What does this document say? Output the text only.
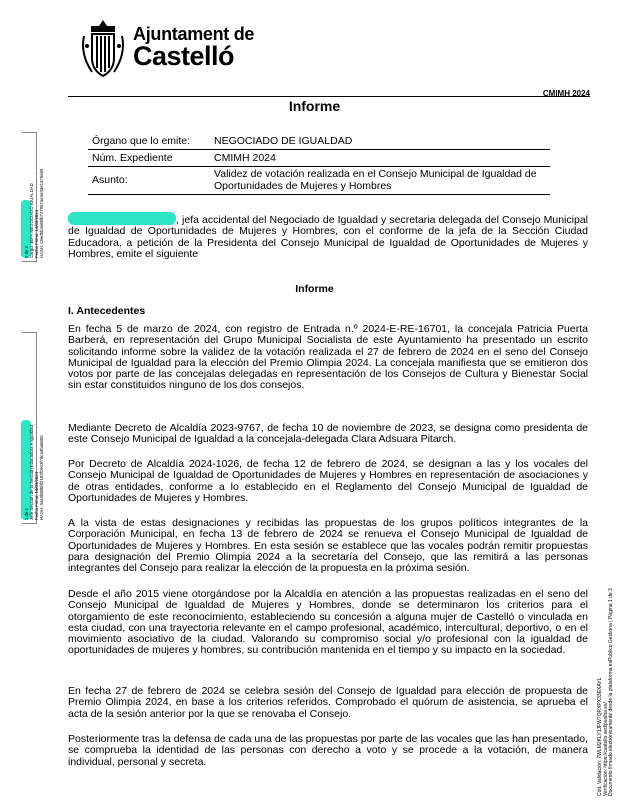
Ajuntament de
Castelló
CMIMH 2024
Informe
Órgano que lo emite: NEGOCIADO DE IGUALDAD
Núm. Expediente	CMIMH 2024
Asunto:	Validez de votación realizada en el Consejo Municipal de Igualdad de Oportunidades de Mujeres y Hombres
, jefa accidental del Negociado de Igualdad y secretaria delegada del Consejo Municipal de Igualdad de Oportunidades de Mujeres y Hombres, con el conforme de la jefa de la Sección Ciudad Educadora, a petición de la Presidenta del Consejo Municipal de Igualdad de Oportunidades de Mujeres y Hombres, emite el siguiente
Informe
I. Antecedentes
En fecha 5 de marzo de 2024, con registro de Entrada n.º 2024-E-RE-16701, la concejala Patricia Puerta Barberá, en representación del Grupo Municipal Socialista de este Ayuntamiento ha presentado un escrito solicitando informe sobre la validez de la votación realizada el 27 de febrero de 2024 en el seno del Consejo Municipal de Igualdad para la elección del Premio Olimpia 2024. La concejala manifiesta que se emitieron dos votos por parte de las concejalas delegadas en representación de los Consejos de Cultura y Bienestar Social sin estar constituidos ninguno de los dos consejos.
Mediante Decreto de Alcaldía 2023-9767, de fecha 10 de noviembre de 2023, se designa como presidenta de este Consejo Municipal de Igualdad a la concejala-delegada Clara Adsuara Pitarch.
Por Decreto de Alcaldía 2024-1026, de fecha 12 de febrero de 2024, se designan a las y los vocales del Consejo Municipal de Igualdad de Oportunidades de Mujeres y Hombres en representación de asociaciones y de otras entidades, conforme a lo establecido en el Reglamento del Consejo Municipal de Igualdad de Oportunidades de Mujeres y Hombres.
A la vista de estas designaciones y recibidas las propuestas de los grupos políticos integrantes de la Corporación Municipal, en fecha 13 de febrero de 2024 se renueva el Consejo Municipal de Igualdad de Oportunidades de Mujeres y Hombres. En esta sesión se establece que las vocales podrán remitir propuestas para designación del Premio Olimpia 2024 a la secretaría del Consejo, que las remitirá a las personas integrantes del Consejo para realizar la elección de la propuesta en la próxima sesión.
Desde el año 2015 viene otorgándose por la Alcaldía en atención a las propuestas realizadas en el seno del Consejo Municipal de Igualdad de Mujeres y Hombres, donde se determinaron los criterios para el otorgamiento de este reconocimiento, estableciendo su concesión a alguna mujer de Castelló o vinculada en esta ciudad, con una trayectoria relevante en el campo profesional, académico, intercultural, deportivo, o en el movimiento asociativo de la ciudad. Valorando su compromiso social y/o profesional con la igualdad de oportunidades de mujeres y hombres, su contribución mantenida en el tiempo y su impacto en la sociedad.
En fecha 27 de febrero de 2024 se celebra sesión del Consejo de Igualdad para elección de propuesta de Premio Olimpia 2024, en base a los criterios referidos. Comprobado el quórum de asistencia, se aprueba el acta de la sesión anterior por la que se renovaba el Consejo.
Posteriormente tras la defensa de cada una de las propuestas por parte de las vocales que las han presentado, se comprueba la identidad de las personas con derecho a voto y se procede a la votación, de manera individual, personal y secreta.
2 de 2 Cargo: JEFA NEGOCIADO IGUALDAD Fecha Firma: 14/03/2024 HASH: c9ed5b4e85fb727957ae4e33e1376eb5
1 de 2 Jefe Sección de la Sección Educadora e Igualdad Fecha Firma: 14/03/2024 HASH: 34a3b800bf2183f19e3f7dca3ba6855
Cód. Validación: 7WLM2KLY1JFW7QRXPX33EXAYL Verificación: https://castello.sedipualba.es/ Documento firmado electrónicamente desde la plataforma esPublico Gestiona | Página 1 de 3
